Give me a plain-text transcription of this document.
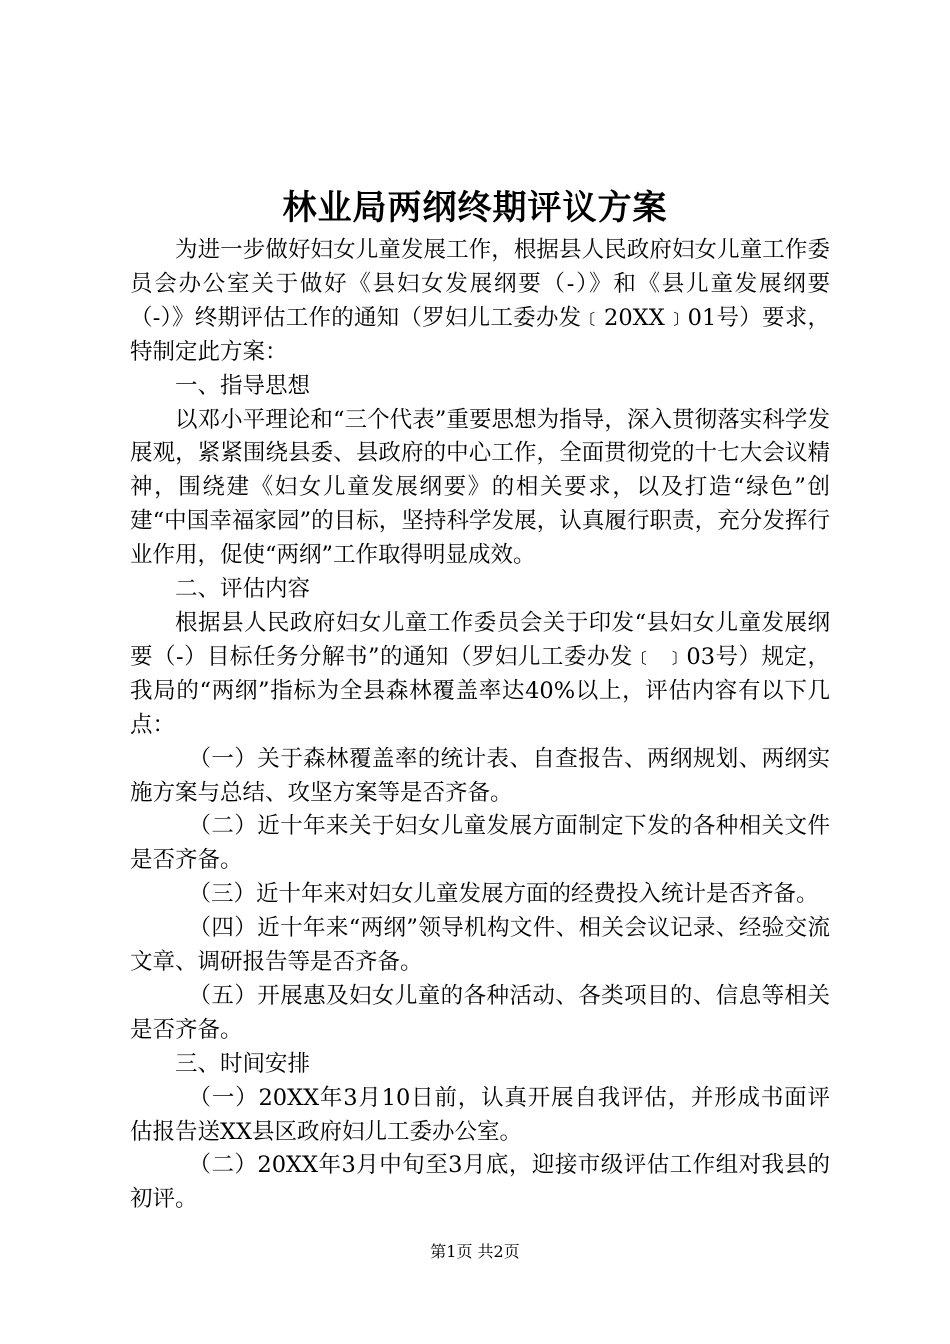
林业局两纲终期评议方案

为进一步做好妇女儿童发展工作，根据县人民政府妇女儿童工作委员会办公室关于做好《县妇女发展纲要（-）》和《县儿童发展纲要（-）》终期评估工作的通知（罗妇儿工委办发﹝20XX﹞01号）要求，特制定此方案：

一、指导思想

以邓小平理论和“三个代表”重要思想为指导，深入贯彻落实科学发展观，紧紧围绕县委、县政府的中心工作，全面贯彻党的十七大会议精神，围绕建《妇女儿童发展纲要》的相关要求，以及打造“绿色”创建“中国幸福家园”的目标，坚持科学发展，认真履行职责，充分发挥行业作用，促使“两纲”工作取得明显成效。

二、评估内容

根据县人民政府妇女儿童工作委员会关于印发“县妇女儿童发展纲要（-）目标任务分解书”的通知（罗妇儿工委办发﹝ ﹞03号）规定，我局的“两纲”指标为全县森林覆盖率达40%以上，评估内容有以下几点：

（一）关于森林覆盖率的统计表、自查报告、两纲规划、两纲实施方案与总结、攻坚方案等是否齐备。

（二）近十年来关于妇女儿童发展方面制定下发的各种相关文件是否齐备。

（三）近十年来对妇女儿童发展方面的经费投入统计是否齐备。

（四）近十年来“两纲”领导机构文件、相关会议记录、经验交流文章、调研报告等是否齐备。

（五）开展惠及妇女儿童的各种活动、各类项目的、信息等相关是否齐备。

三、时间安排

（一）20XX年3月10日前，认真开展自我评估，并形成书面评估报告送XX县区政府妇儿工委办公室。

（二）20XX年3月中旬至3月底，迎接市级评估工作组对我县的初评。

第1页 共2页
